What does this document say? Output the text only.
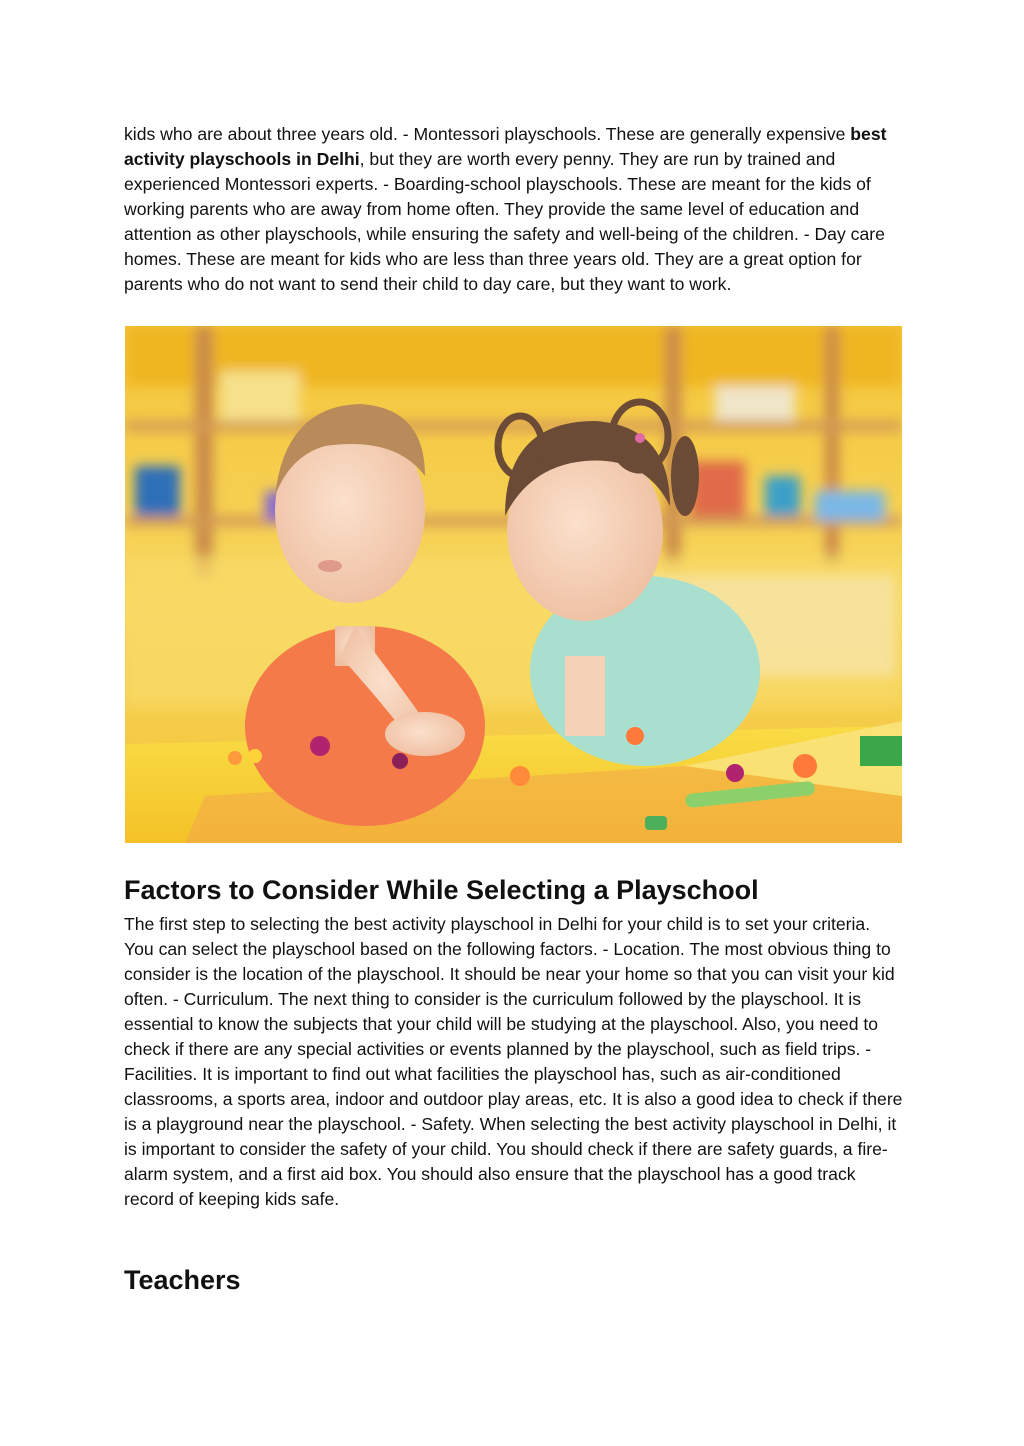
kids who are about three years old. - Montessori playschools. These are generally expensive best activity playschools in Delhi, but they are worth every penny. They are run by trained and experienced Montessori experts. - Boarding-school playschools. These are meant for the kids of working parents who are away from home often. They provide the same level of education and attention as other playschools, while ensuring the safety and well-being of the children. - Day care homes. These are meant for kids who are less than three years old. They are a great option for parents who do not want to send their child to day care, but they want to work.

Factors to Consider While Selecting a Playschool

The first step to selecting the best activity playschool in Delhi for your child is to set your criteria. You can select the playschool based on the following factors. - Location. The most obvious thing to consider is the location of the playschool. It should be near your home so that you can visit your kid often. - Curriculum. The next thing to consider is the curriculum followed by the playschool. It is essential to know the subjects that your child will be studying at the playschool. Also, you need to check if there are any special activities or events planned by the playschool, such as field trips. - Facilities. It is important to find out what facilities the playschool has, such as air-conditioned classrooms, a sports area, indoor and outdoor play areas, etc. It is also a good idea to check if there is a playground near the playschool. - Safety. When selecting the best activity playschool in Delhi, it is important to consider the safety of your child. You should check if there are safety guards, a fire-alarm system, and a first aid box. You should also ensure that the playschool has a good track record of keeping kids safe.

Teachers
